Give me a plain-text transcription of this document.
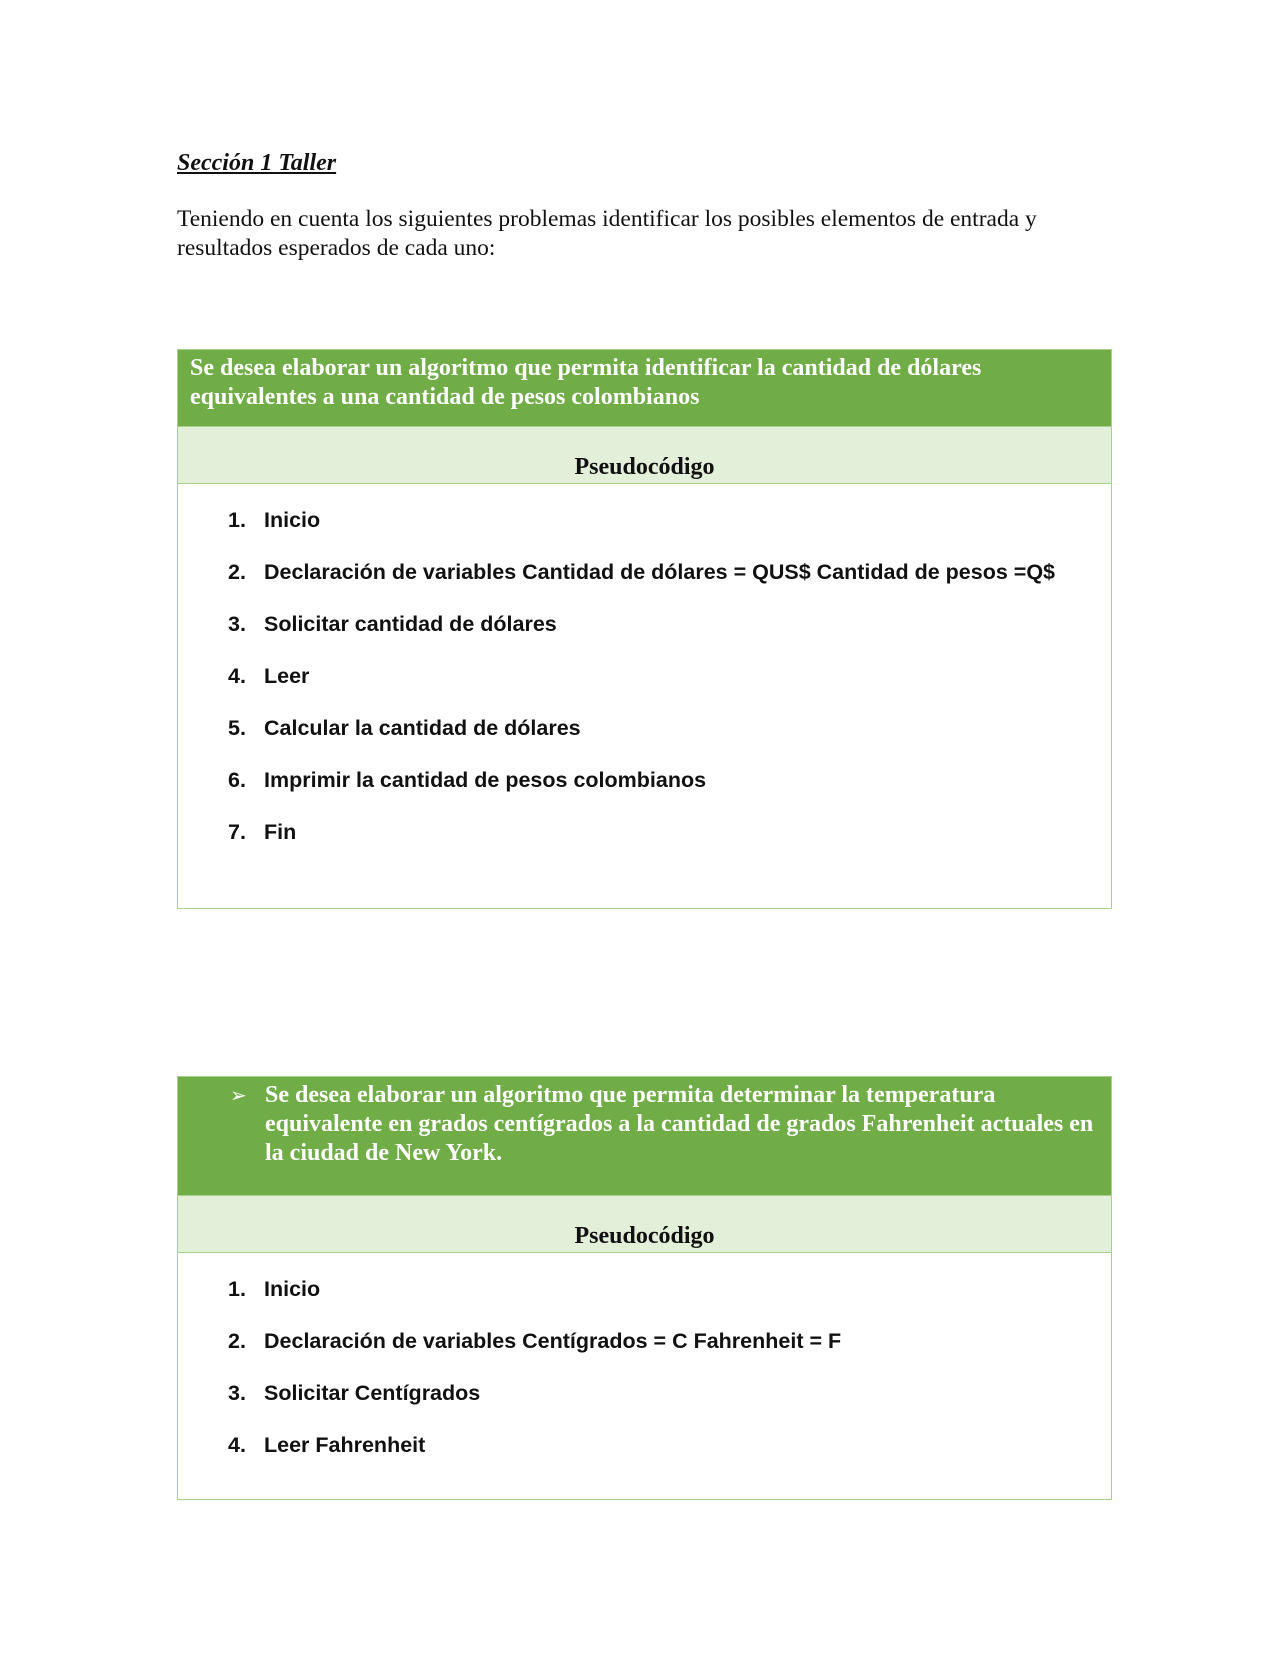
Sección 1 Taller

Teniendo en cuenta los siguientes problemas identificar los posibles elementos de entrada y resultados esperados de cada uno:

Se desea elaborar un algoritmo que permita identificar la cantidad de dólares equivalentes a una cantidad de pesos colombianos
Pseudocódigo
1. Inicio
2. Declaración de variables Cantidad de dólares = QUS$ Cantidad de pesos =Q$
3. Solicitar cantidad de dólares
4. Leer
5. Calcular la cantidad de dólares
6. Imprimir la cantidad de pesos colombianos
7. Fin
➢ Se desea elaborar un algoritmo que permita determinar la temperatura equivalente en grados centígrados a la cantidad de grados Fahrenheit actuales en la ciudad de New York.
Pseudocódigo
1. Inicio
2. Declaración de variables Centígrados = C Fahrenheit = F
3. Solicitar Centígrados
4. Leer Fahrenheit
